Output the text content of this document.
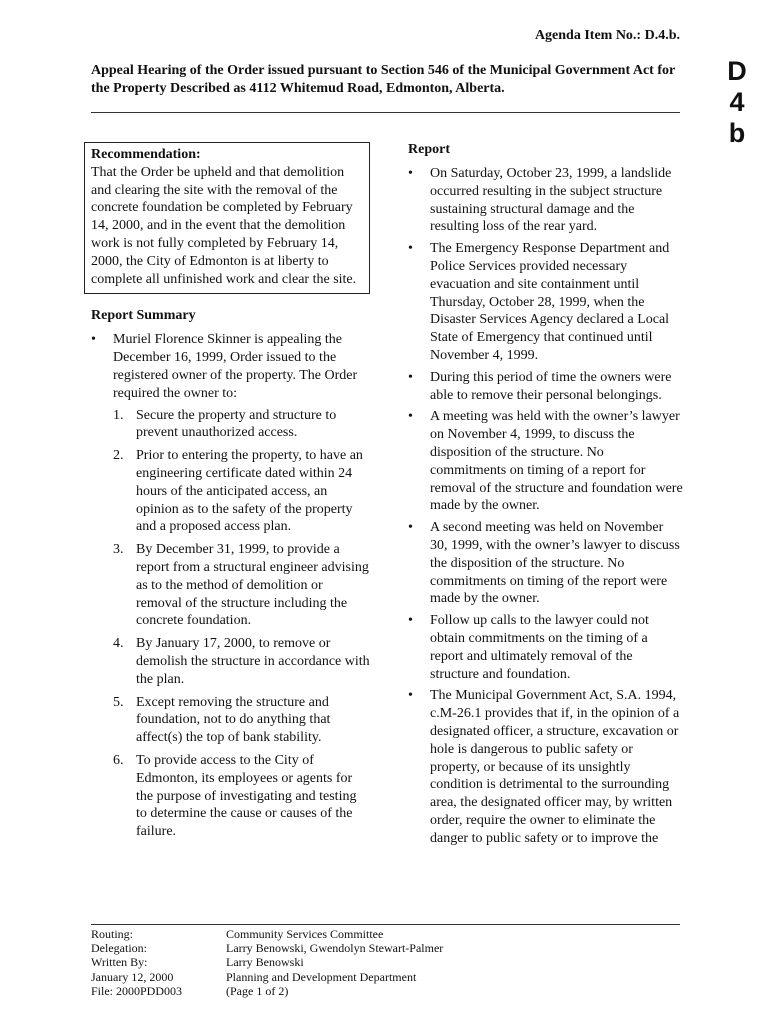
Agenda Item No.: D.4.b.
D
4
b
Appeal Hearing of the Order issued pursuant to Section 546 of the Municipal Government Act for the Property Described as 4112 Whitemud Road, Edmonton, Alberta.
Recommendation:
That the Order be upheld and that demolition and clearing the site with the removal of the concrete foundation be completed by February 14, 2000, and in the event that the demolition work is not fully completed by February 14, 2000, the City of Edmonton is at liberty to complete all unfinished work and clear the site.
Report Summary
• Muriel Florence Skinner is appealing the December 16, 1999, Order issued to the registered owner of the property. The Order required the owner to:
1. Secure the property and structure to prevent unauthorized access.
2. Prior to entering the property, to have an engineering certificate dated within 24 hours of the anticipated access, an opinion as to the safety of the property and a proposed access plan.
3. By December 31, 1999, to provide a report from a structural engineer advising as to the method of demolition or removal of the structure including the concrete foundation.
4. By January 17, 2000, to remove or demolish the structure in accordance with the plan.
5. Except removing the structure and foundation, not to do anything that affect(s) the top of bank stability.
6. To provide access to the City of Edmonton, its employees or agents for the purpose of investigating and testing to determine the cause or causes of the failure.
Report
• On Saturday, October 23, 1999, a landslide occurred resulting in the subject structure sustaining structural damage and the resulting loss of the rear yard.
• The Emergency Response Department and Police Services provided necessary evacuation and site containment until Thursday, October 28, 1999, when the Disaster Services Agency declared a Local State of Emergency that continued until November 4, 1999.
• During this period of time the owners were able to remove their personal belongings.
• A meeting was held with the owner’s lawyer on November 4, 1999, to discuss the disposition of the structure. No commitments on timing of a report for removal of the structure and foundation were made by the owner.
• A second meeting was held on November 30, 1999, with the owner’s lawyer to discuss the disposition of the structure. No commitments on timing of the report were made by the owner.
• Follow up calls to the lawyer could not obtain commitments on the timing of a report and ultimately removal of the structure and foundation.
• The Municipal Government Act, S.A. 1994, c.M-26.1 provides that if, in the opinion of a designated officer, a structure, excavation or hole is dangerous to public safety or property, or because of its unsightly condition is detrimental to the surrounding area, the designated officer may, by written order, require the owner to eliminate the danger to public safety or to improve the
Routing:	Community Services Committee
Delegation:	Larry Benowski, Gwendolyn Stewart-Palmer
Written By:	Larry Benowski
January 12, 2000	Planning and Development Department
File: 2000PDD003	(Page 1 of 2)
